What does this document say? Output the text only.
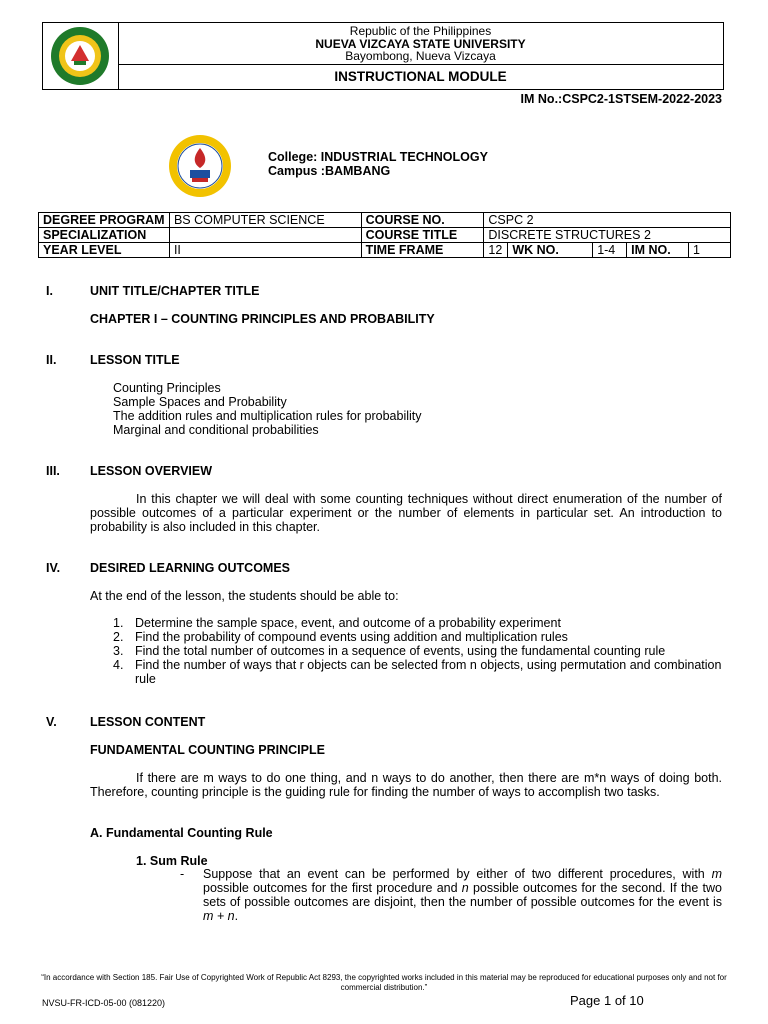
Republic of the Philippines
NUEVA VIZCAYA STATE UNIVERSITY
Bayombong, Nueva Vizcaya
INSTRUCTIONAL MODULE
IM No.:CSPC2-1STSEM-2022-2023
College: INDUSTRIAL TECHNOLOGY
Campus :BAMBANG
DEGREE PROGRAM	BS COMPUTER SCIENCE	COURSE NO.	CSPC 2				
SPECIALIZATION		COURSE TITLE	DISCRETE STRUCTURES 2				
YEAR LEVEL	II	TIME FRAME	12	WK NO.	1-4	IM NO.	1
I.	UNIT TITLE/CHAPTER TITLE
CHAPTER I – COUNTING PRINCIPLES AND PROBABILITY
II.	LESSON TITLE
Counting Principles
Sample Spaces and Probability
The addition rules and multiplication rules for probability
Marginal and conditional probabilities
III. LESSON OVERVIEW
In this chapter we will deal with some counting techniques without direct enumeration of the number of possible outcomes of a particular experiment or the number of elements in particular set. An introduction to probability is also included in this chapter.
IV. DESIRED LEARNING OUTCOMES
At the end of the lesson, the students should be able to:
1. Determine the sample space, event, and outcome of a probability experiment
2. Find the probability of compound events using addition and multiplication rules
3. Find the total number of outcomes in a sequence of events, using the fundamental counting rule
4. Find the number of ways that r objects can be selected from n objects, using permutation and combination rule
V.	LESSON CONTENT
FUNDAMENTAL COUNTING PRINCIPLE
If there are m ways to do one thing, and n ways to do another, then there are m*n ways of doing both. Therefore, counting principle is the guiding rule for finding the number of ways to accomplish two tasks.
A. Fundamental Counting Rule
1. Sum Rule
- Suppose that an event can be performed by either of two different procedures, with m possible outcomes for the first procedure and n possible outcomes for the second. If the two sets of possible outcomes are disjoint, then the number of possible outcomes for the event is m + n.
“In accordance with Section 185. Fair Use of Copyrighted Work of Republic Act 8293, the copyrighted works included in this material may be reproduced for educational purposes only and not for commercial distribution.”
NVSU-FR-ICD-05-00 (081220)	Page 1 of 10
